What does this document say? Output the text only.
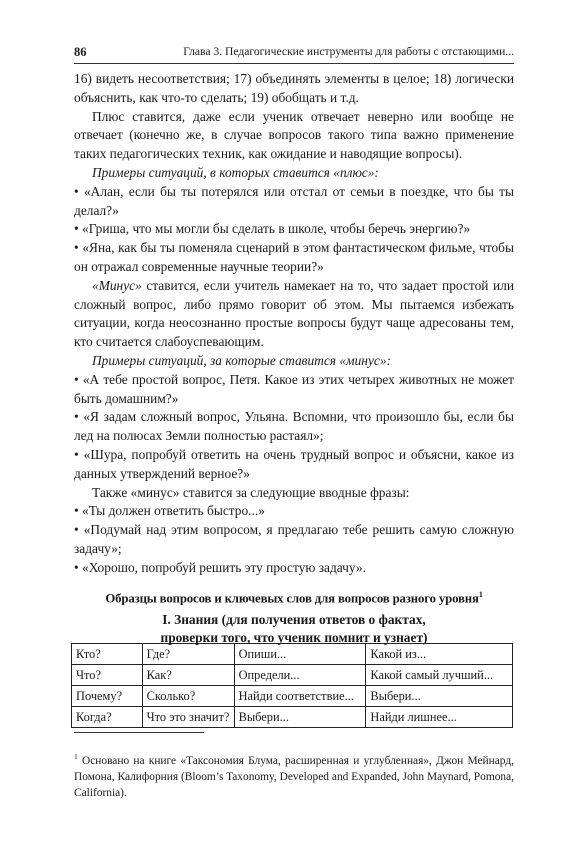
86	Глава 3. Педагогические инструменты для работы с отстающими...

16) видеть несоответствия; 17) объединять элементы в целое; 18) логически объяснить, как что-то сделать; 19) обобщать и т.д.

Плюс ставится, даже если ученик отвечает неверно или вообще не отвечает (конечно же, в случае вопросов такого типа важно применение таких педагогических техник, как ожидание и наводящие вопросы).

Примеры ситуаций, в которых ставится «плюс»:

• «Алан, если бы ты потерялся или отстал от семьи в поездке, что бы ты делал?»

• «Гриша, что мы могли бы сделать в школе, чтобы беречь энергию?»

• «Яна, как бы ты поменяла сценарий в этом фантастическом фильме, чтобы он отражал современные научные теории?»

«Минус» ставится, если учитель намекает на то, что задает простой или сложный вопрос, либо прямо говорит об этом. Мы пытаемся избежать ситуации, когда неосознанно простые вопросы будут чаще адресованы тем, кто считается слабоуспевающим.

Примеры ситуаций, за которые ставится «минус»:

• «А тебе простой вопрос, Петя. Какое из этих четырех животных не может быть домашним?»

• «Я задам сложный вопрос, Ульяна. Вспомни, что произошло бы, если бы лед на полюсах Земли полностью растаял»;

• «Шура, попробуй ответить на очень трудный вопрос и объясни, какое из данных утверждений верное?»

Также «минус» ставится за следующие вводные фразы:

• «Ты должен ответить быстро...»

• «Подумай над этим вопросом, я предлагаю тебе решить самую сложную задачу»;

• «Хорошо, попробуй решить эту простую задачу».

Образцы вопросов и ключевых слов для вопросов разного уровня$^1$

I. Знания (для получения ответов о фактах,
проверки того, что ученик помнит и узнает)

Кто?	Где?	Опиши...	Какой из...
Что?	Как?	Определи...	Какой самый лучший...
Почему?	Сколько?	Найди соответствие...	Выбери...
Когда?	Что это значит?	Выбери...	Найди лишнее...

$^1$ Основано на книге «Таксономия Блума, расширенная и углубленная», Джон Мейнард, Помона, Калифорния (Bloom’s Taxonomy, Developed and Expanded, John Maynard, Pomona, California).
